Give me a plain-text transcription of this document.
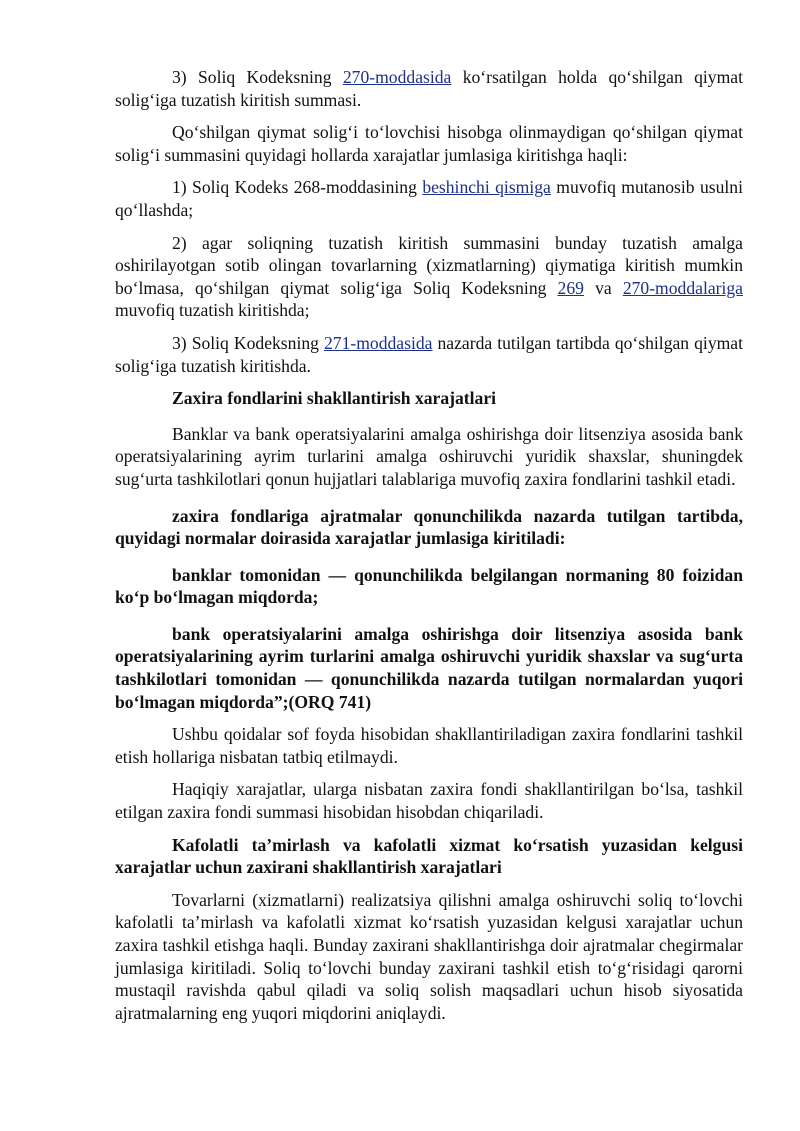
3) Soliq Kodeksning 270-moddasida koʻrsatilgan holda qoʻshilgan qiymat soligʻiga tuzatish kiritish summasi.

Qoʻshilgan qiymat soligʻi toʻlovchisi hisobga olinmaydigan qoʻshilgan qiymat soligʻi summasini quyidagi hollarda xarajatlar jumlasiga kiritishga haqli:

1) Soliq Kodeks 268-moddasining beshinchi qismiga muvofiq mutanosib usulni qoʻllashda;

2) agar soliqning tuzatish kiritish summasini bunday tuzatish amalga oshirilayotgan sotib olingan tovarlarning (xizmatlarning) qiymatiga kiritish mumkin boʻlmasa, qoʻshilgan qiymat soligʻiga Soliq Kodeksning 269 va 270-moddalariga muvofiq tuzatish kiritishda;

3) Soliq Kodeksning 271-moddasida nazarda tutilgan tartibda qoʻshilgan qiymat soligʻiga tuzatish kiritishda.

Zaxira fondlarini shakllantirish xarajatlari

Banklar va bank operatsiyalarini amalga oshirishga doir litsenziya asosida bank operatsiyalarining ayrim turlarini amalga oshiruvchi yuridik shaxslar, shuningdek sugʻurta tashkilotlari qonun hujjatlari talablariga muvofiq zaxira fondlarini tashkil etadi.

zaxira fondlariga ajratmalar qonunchilikda nazarda tutilgan tartibda, quyidagi normalar doirasida xarajatlar jumlasiga kiritiladi:

banklar tomonidan — qonunchilikda belgilangan normaning 80 foizidan koʻp boʻlmagan miqdorda;

bank operatsiyalarini amalga oshirishga doir litsenziya asosida bank operatsiyalarining ayrim turlarini amalga oshiruvchi yuridik shaxslar va sugʻurta tashkilotlari tomonidan — qonunchilikda nazarda tutilgan normalardan yuqori boʻlmagan miqdorda”;(ORQ 741)

Ushbu qoidalar sof foyda hisobidan shakllantiriladigan zaxira fondlarini tashkil etish hollariga nisbatan tatbiq etilmaydi.

Haqiqiy xarajatlar, ularga nisbatan zaxira fondi shakllantirilgan boʻlsa, tashkil etilgan zaxira fondi summasi hisobidan hisobdan chiqariladi.

Kafolatli taʼmirlash va kafolatli xizmat koʻrsatish yuzasidan kelgusi xarajatlar uchun zaxirani shakllantirish xarajatlari

Tovarlarni (xizmatlarni) realizatsiya qilishni amalga oshiruvchi soliq toʻlovchi kafolatli taʼmirlash va kafolatli xizmat koʻrsatish yuzasidan kelgusi xarajatlar uchun zaxira tashkil etishga haqli. Bunday zaxirani shakllantirishga doir ajratmalar chegirmalar jumlasiga kiritiladi. Soliq toʻlovchi bunday zaxirani tashkil etish toʻgʻrisidagi qarorni mustaqil ravishda qabul qiladi va soliq solish maqsadlari uchun hisob siyosatida ajratmalarning eng yuqori miqdorini aniqlaydi.
